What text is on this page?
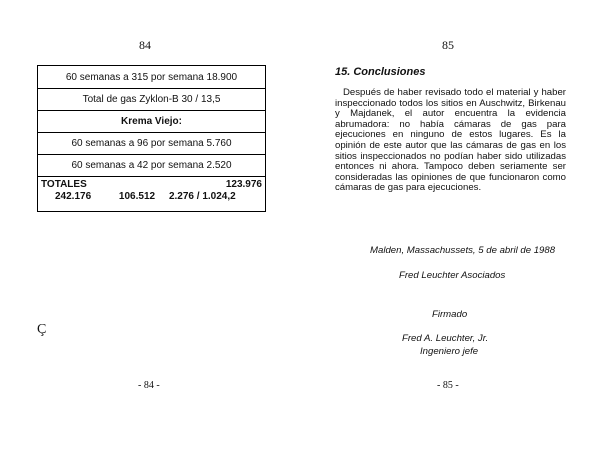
84
60 semanas a 315 por semana 18.900
Total de gas Zyklon-B 30 / 13,5
Krema Viejo:
60 semanas a 96 por semana 5.760
60 semanas a 42 por semana 2.520

TOTALES	123.976
242.176          106.512     2.276 / 1.024,2
Ç
- 84 -
85
15. Conclusiones
Después de haber revisado todo el material y haber inspeccionado todos los sitios en Auschwitz, Birkenau y Majdanek, el autor encuentra la evidencia abrumadora: no había cámaras de gas para ejecuciones en ninguno de estos lugares. Es la opinión de este autor que las cámaras de gas en los sitios inspeccionados no podían haber sido utilizadas entonces ni ahora. Tampoco deben seriamente ser consideradas las opiniones de que funcionaron como cámaras de gas para ejecuciones.
Malden, Massachussets, 5 de abril de 1988
Fred Leuchter Asociados
Firmado
Fred A. Leuchter, Jr.
Ingeniero jefe
- 85 -
